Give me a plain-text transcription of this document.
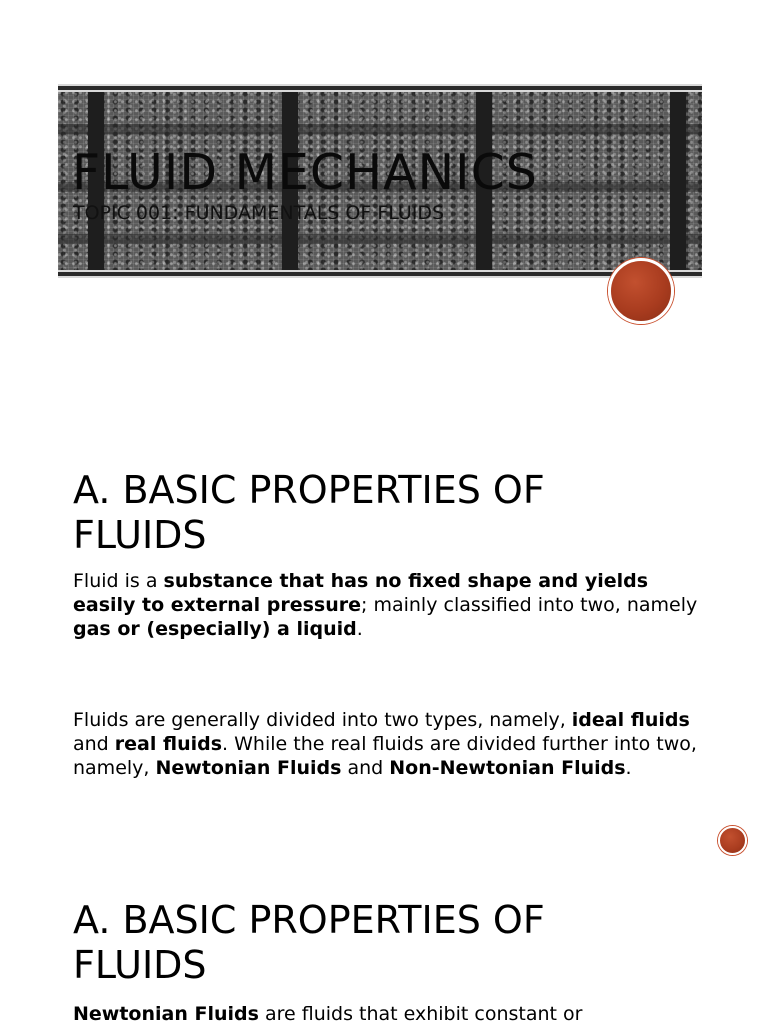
FLUID MECHANICS

TOPIC 001: FUNDAMENTALS OF FLUIDS

A. BASIC PROPERTIES OF
FLUIDS

Fluid is a substance that has no fixed shape and yields easily to external pressure; mainly classified into two, namely gas or (especially) a liquid.

Fluids are generally divided into two types, namely, ideal fluids and real fluids. While the real fluids are divided further into two, namely, Newtonian Fluids and Non-Newtonian Fluids.

A. BASIC PROPERTIES OF
FLUIDS

Newtonian Fluids are fluids that exhibit constant or
